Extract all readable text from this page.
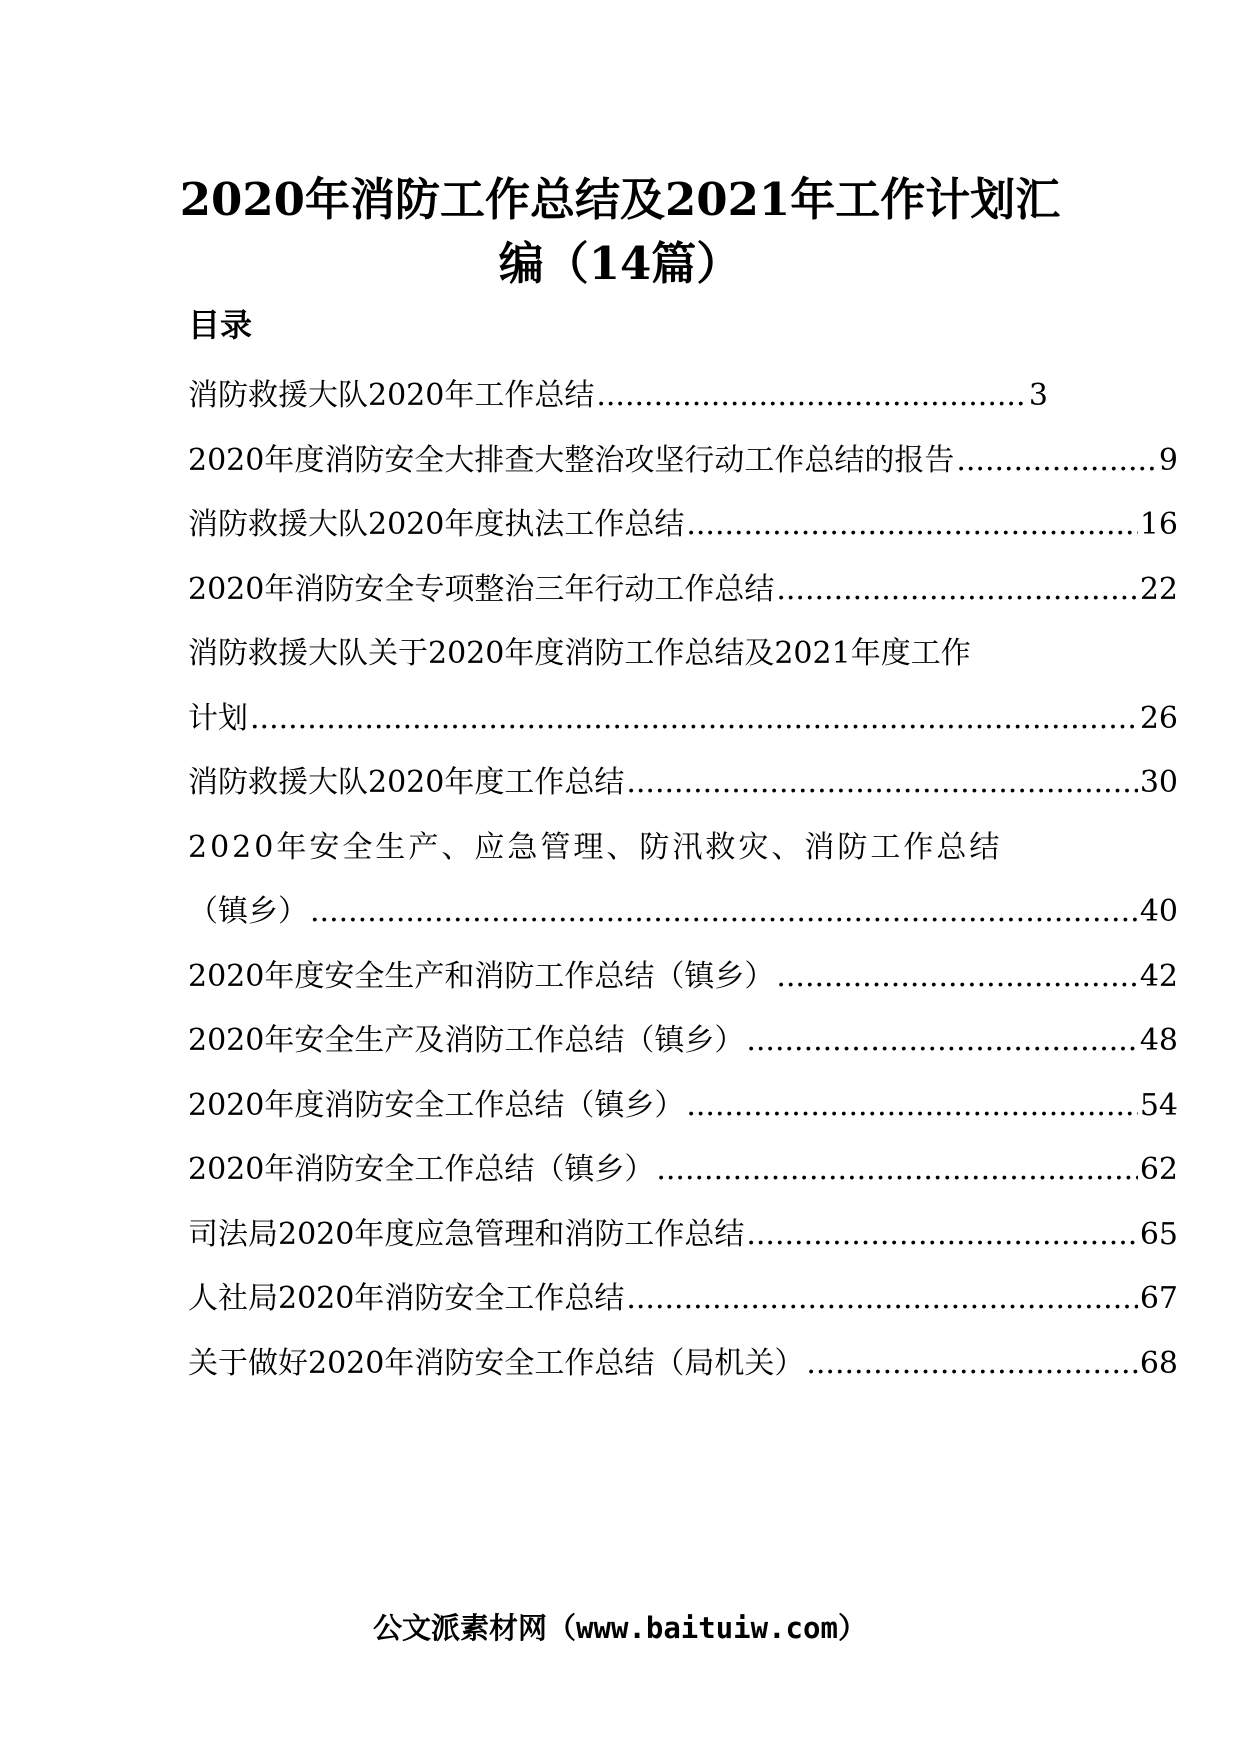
2020年消防工作总结及2021年工作计划汇
编（14篇）
目录
消防救援大队2020年工作总结 .....	3
2020年度消防安全大排查大整治攻坚行动工作总结的报告 .....	9
消防救援大队2020年度执法工作总结 .....	16
2020年消防安全专项整治三年行动工作总结 .....	22
消防救援大队关于2020年度消防工作总结及2021年度工作
计划 .....	26
消防救援大队2020年度工作总结 .....	30
2020年安全生产、应急管理、防汛救灾、消防工作总结
（镇乡） .....	40
2020年度安全生产和消防工作总结（镇乡） .....	42
2020年安全生产及消防工作总结（镇乡） .....	48
2020年度消防安全工作总结（镇乡） .....	54
2020年消防安全工作总结（镇乡） .....	62
司法局2020年度应急管理和消防工作总结 .....	65
人社局2020年消防安全工作总结 .....	67
关于做好2020年消防安全工作总结（局机关） .....	68

公文派素材网（www.baituiw.com）
